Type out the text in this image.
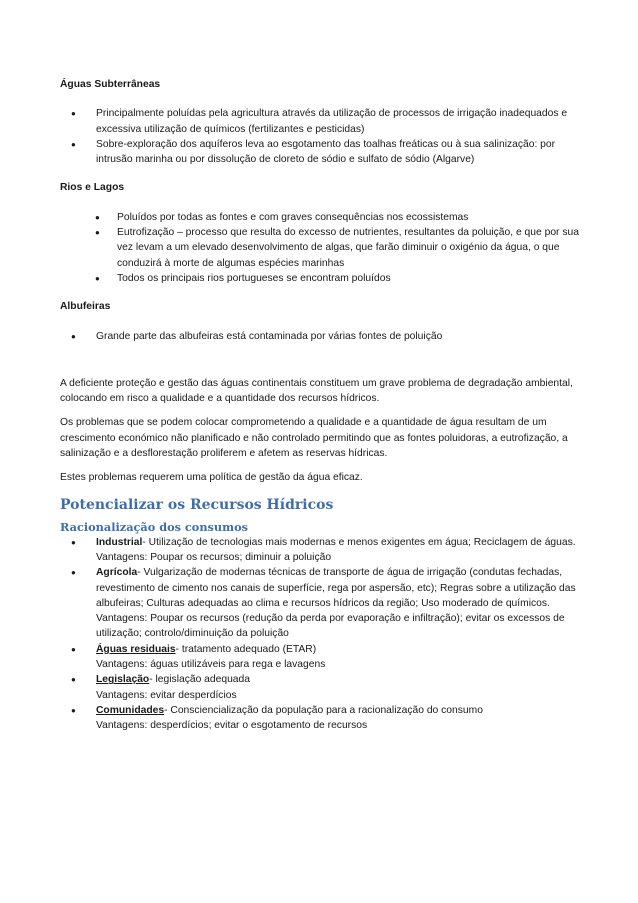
Águas Subterrâneas

● Principalmente poluídas pela agricultura através da utilização de processos de irrigação inadequados e excessiva utilização de químicos (fertilizantes e pesticidas)
● Sobre-exploração dos aquíferos leva ao esgotamento das toalhas freáticas ou à sua salinização: por intrusão marinha ou por dissolução de cloreto de sódio e sulfato de sódio (Algarve)

Rios e Lagos

● Poluídos por todas as fontes e com graves consequências nos ecossistemas
● Eutrofização – processo que resulta do excesso de nutrientes, resultantes da poluição, e que por sua vez levam a um elevado desenvolvimento de algas, que farão diminuir o oxigénio da água, o que conduzirá à morte de algumas espécies marinhas
● Todos os principais rios portugueses se encontram poluídos

Albufeiras

● Grande parte das albufeiras está contaminada por várias fontes de poluição

A deficiente proteção e gestão das águas continentais constituem um grave problema de degradação ambiental, colocando em risco a qualidade e a quantidade dos recursos hídricos.

Os problemas que se podem colocar comprometendo a qualidade e a quantidade de água resultam de um crescimento económico não planificado e não controlado permitindo que as fontes poluidoras, a eutrofização, a salinização e a desflorestação proliferem e afetem as reservas hídricas.

Estes problemas requerem uma política de gestão da água eficaz.

Potencializar os Recursos Hídricos

Racionalização dos consumos

● Industrial- Utilização de tecnologias mais modernas e menos exigentes em água; Reciclagem de águas.
Vantagens: Poupar os recursos; diminuir a poluição
● Agrícola- Vulgarização de modernas técnicas de transporte de água de irrigação (condutas fechadas, revestimento de cimento nos canais de superfície, rega por aspersão, etc); Regras sobre a utilização das albufeiras; Culturas adequadas ao clima e recursos hídricos da região; Uso moderado de químicos.
Vantagens: Poupar os recursos (redução da perda por evaporação e infiltração); evitar os excessos de utilização; controlo/diminuição da poluição
● Águas residuais- tratamento adequado (ETAR)
Vantagens: águas utilizáveis para rega e lavagens
● Legislação- legislação adequada
Vantagens: evitar desperdícios
● Comunidades- Consciencialização da população para a racionalização do consumo
Vantagens: desperdícios; evitar o esgotamento de recursos
